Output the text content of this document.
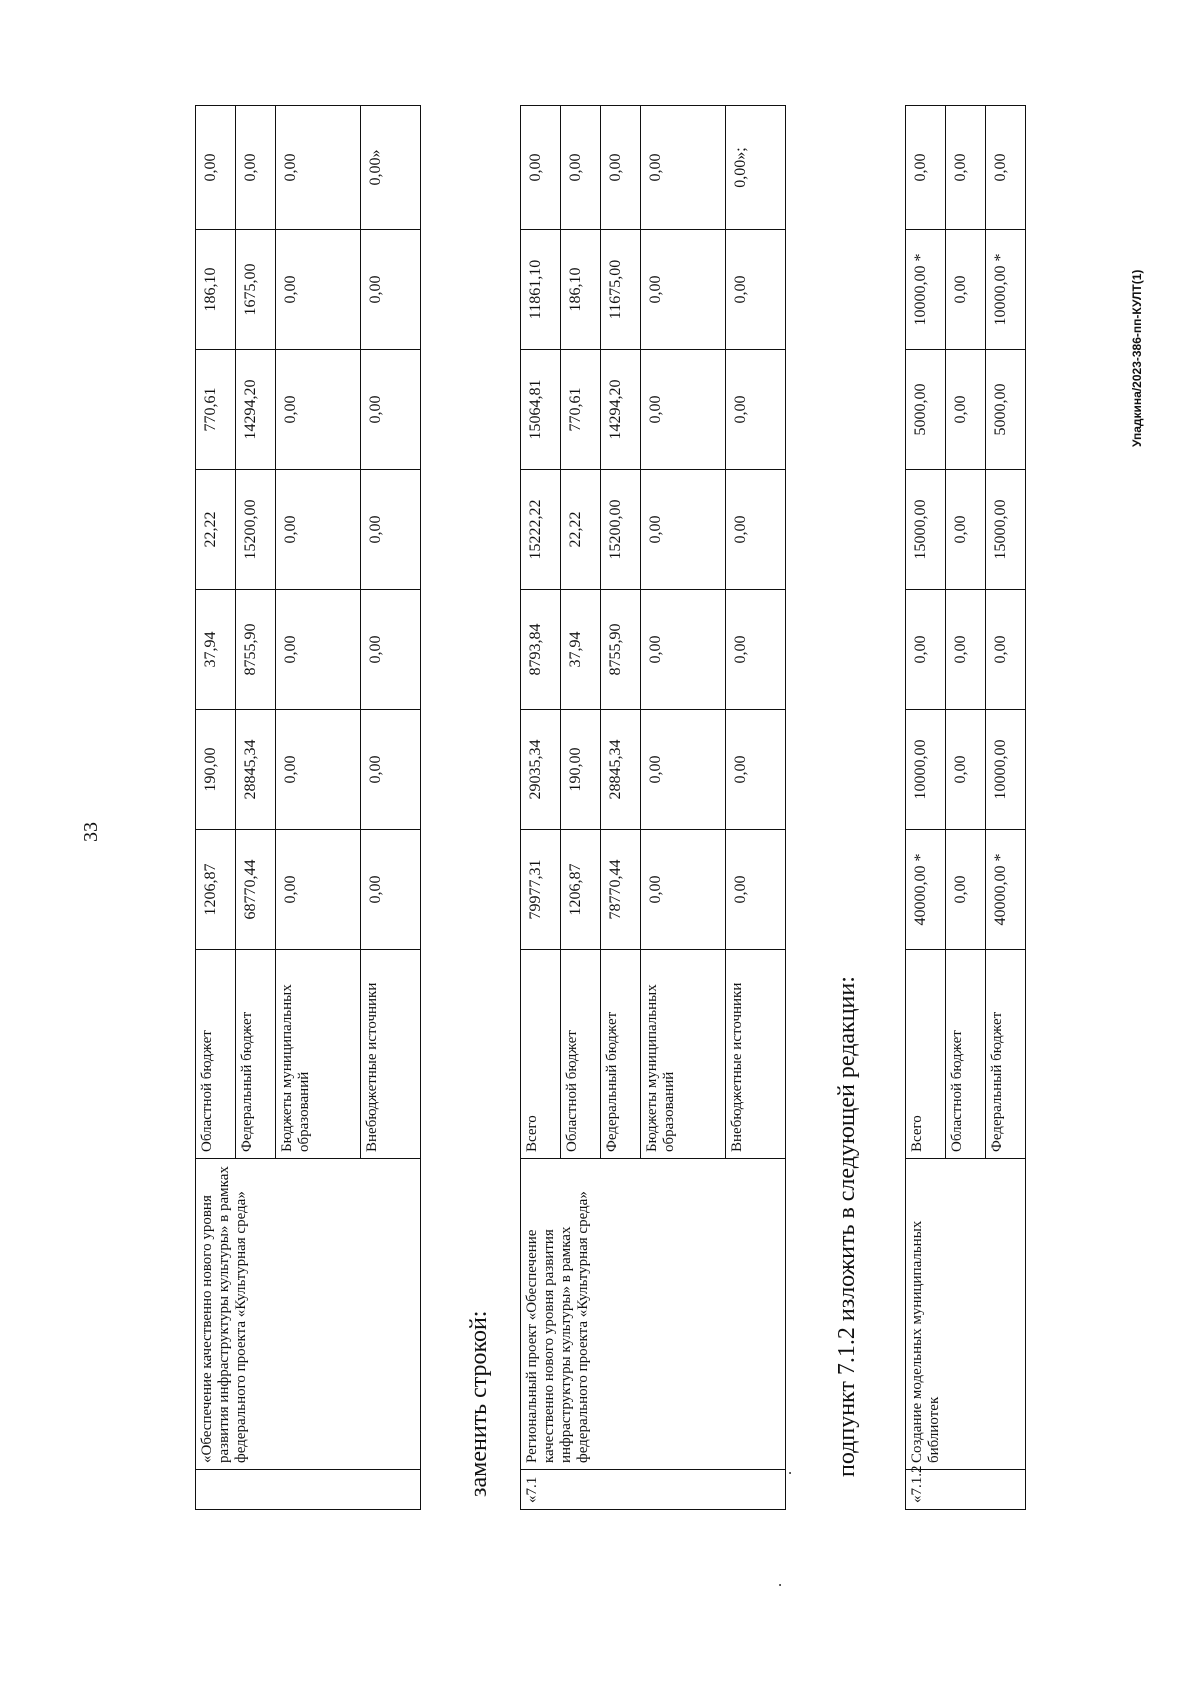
33
	«Обеспечение качественно нового уровня развития инфраструктуры культуры» в рамках федерального проекта «Культурная среда»	Областной бюджет	1206,87	190,00	37,94	22,22	770,61	186,10	0,00
		Федеральный бюджет	68770,44	28845,34	8755,90	15200,00	14294,20	1675,00	0,00
		Бюджеты муниципальных образований	0,00	0,00	0,00	0,00	0,00	0,00	0,00
		Внебюджетные источники	0,00	0,00	0,00	0,00	0,00	0,00	0,00»
заменить строкой: «7.1	Региональный проект «Обеспечение качественно нового уровня развития инфраструктуры культуры» в рамках федерального проекта «Культурная среда»	Всего	79977,31	29035,34	8793,84	15222,22	15064,81	11861,10	0,00
		Областной бюджет	1206,87	190,00	37,94	22,22	770,61	186,10	0,00
		Федеральный бюджет	78770,44	28845,34	8755,90	15200,00	14294,20	11675,00	0,00
		Бюджеты муниципальных образований	0,00	0,00	0,00	0,00	0,00	0,00	0,00
		Внебюджетные источники	0,00	0,00	0,00	0,00	0,00	0,00	0,00»;
подпункт 7.1.2 изложить в следующей редакции:
«7.1.2	Создание модельных муниципальных библиотек	Всего	40000,00 *	10000,00	0,00	15000,00	5000,00	10000,00 *	0,00
		Областной бюджет	0,00	0,00	0,00	0,00	0,00	0,00	0,00
		Федеральный бюджет	40000,00 *	10000,00	0,00	15000,00	5000,00	10000,00 *	0,00
Упадкина/2023-386-пп-КУЛТ(1)
.
.
